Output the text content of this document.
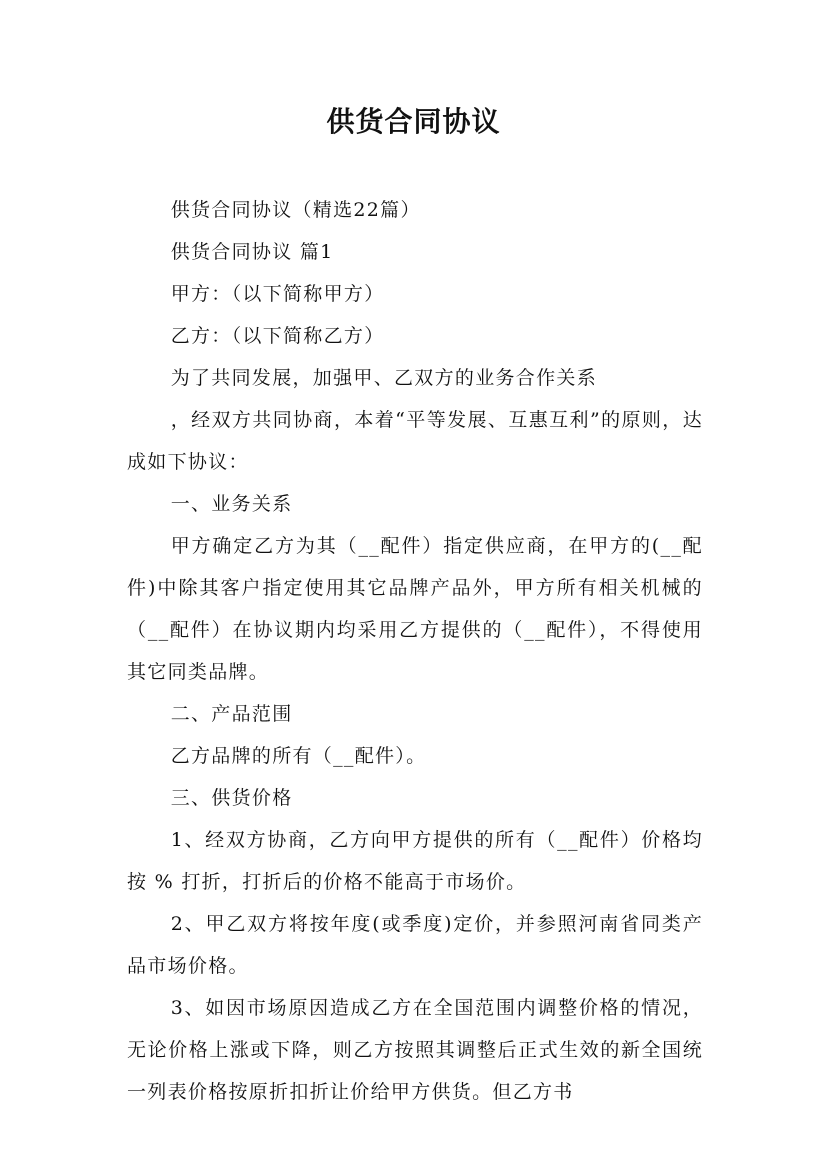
供货合同协议

供货合同协议（精选22篇）

供货合同协议 篇1

甲方：（以下简称甲方）

乙方：（以下简称乙方）

为了共同发展，加强甲、乙双方的业务合作关系

，经双方共同协商，本着“平等发展、互惠互利”的原则，达成如下协议：

一、业务关系

甲方确定乙方为其（__配件）指定供应商，在甲方的(__配件)中除其客户指定使用其它品牌产品外，甲方所有相关机械的（__配件）在协议期内均采用乙方提供的（__配件），不得使用其它同类品牌。

二、产品范围

乙方品牌的所有（__配件）。

三、供货价格

1、经双方协商，乙方向甲方提供的所有（__配件）价格均按 % 打折，打折后的价格不能高于市场价。

2、甲乙双方将按年度(或季度)定价，并参照河南省同类产品市场价格。

3、如因市场原因造成乙方在全国范围内调整价格的情况，无论价格上涨或下降，则乙方按照其调整后正式生效的新全国统一列表价格按原折扣折让价给甲方供货。但乙方书
